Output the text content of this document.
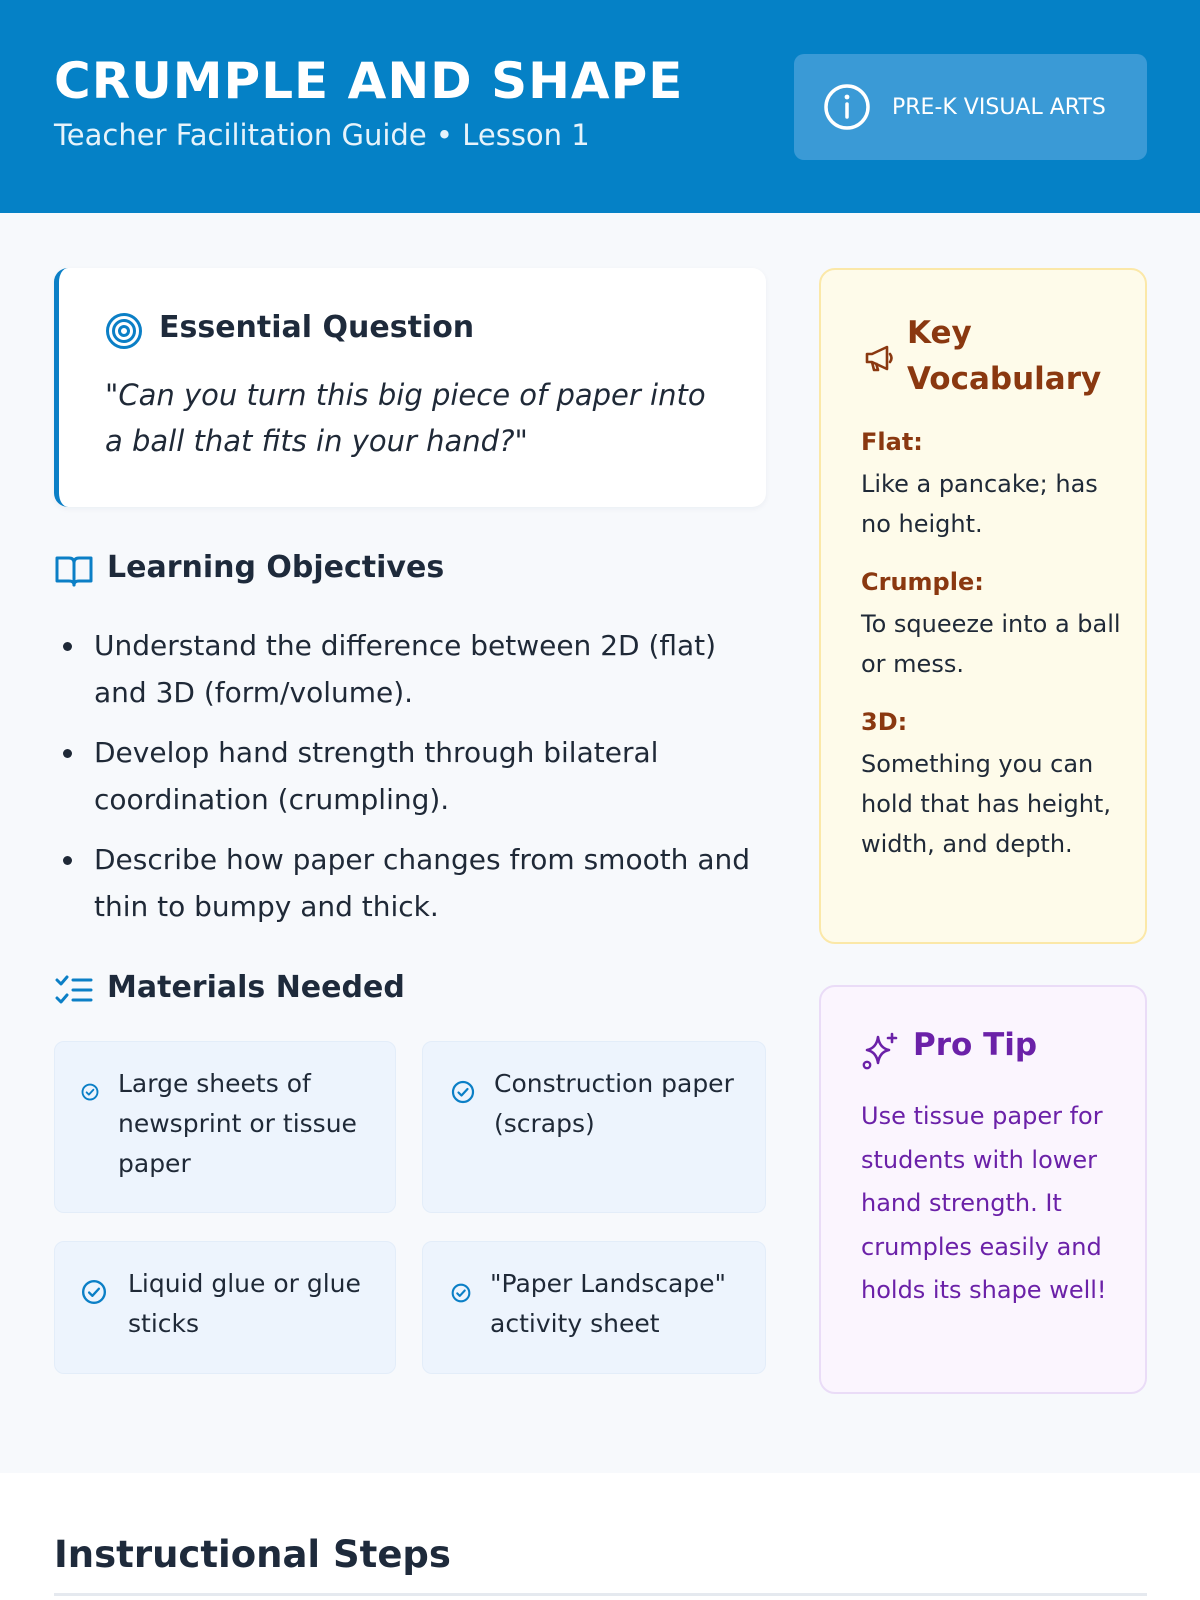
CRUMPLE AND SHAPE
Teacher Facilitation Guide • Lesson 1
PRE-K VISUAL ARTS
Essential Question
"Can you turn this big piece of paper into a ball that fits in your hand?"
Learning Objectives
Understand the difference between 2D (flat) and 3D (form/volume).
Develop hand strength through bilateral coordination (crumpling).
Describe how paper changes from smooth and thin to bumpy and thick.
Materials Needed
Large sheets of newsprint or tissue paper
Construction paper (scraps)
Liquid glue or glue sticks
"Paper Landscape" activity sheet
Key Vocabulary
Flat:
Like a pancake; has no height.
Crumple:
To squeeze into a ball or mess.
3D:
Something you can hold that has height, width, and depth.
Pro Tip
Use tissue paper for students with lower hand strength. It crumples easily and holds its shape well!
Instructional Steps
